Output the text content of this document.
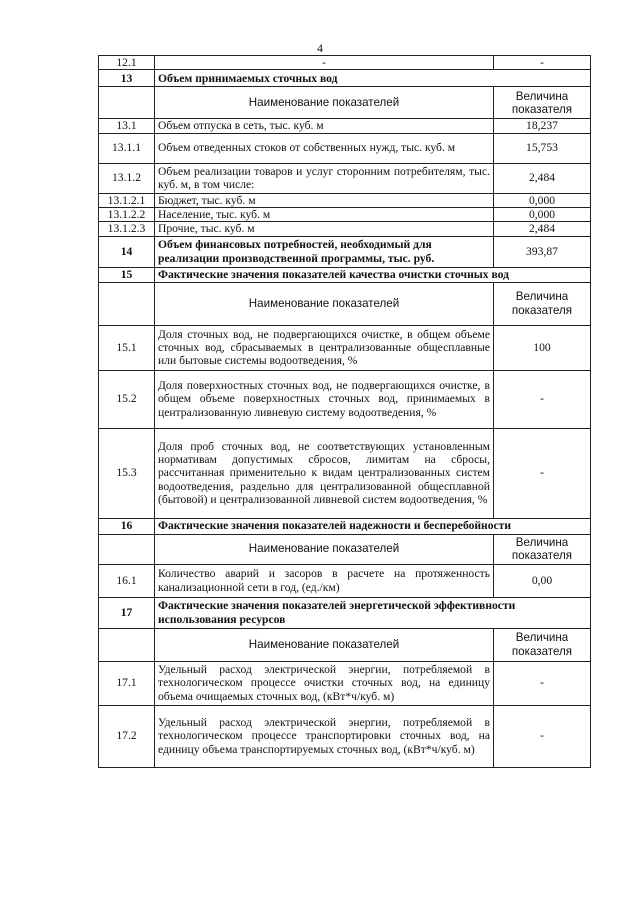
4
12.1	-	-
13	Объем принимаемых сточных вод	
	Наименование показателей	Величина
показателя
13.1	Объем отпуска в сеть, тыс. куб. м	18,237
13.1.1	Объем отведенных стоков от собственных нужд, тыс. куб. м	15,753
13.1.2	Объем реализации товаров и услуг сторонним потребителям, тыс. куб. м, в том числе:	2,484
13.1.2.1	Бюджет, тыс. куб. м	0,000
13.1.2.2	Население, тыс. куб. м	0,000
13.1.2.3	Прочие, тыс. куб. м	2,484
14	Объем финансовых потребностей, необходимый для реализации производственной программы, тыс. руб.	393,87
15	Фактические значения показателей качества очистки сточных вод	
	Наименование показателей	Величина
показателя
15.1	Доля сточных вод, не подвергающихся очистке, в общем объеме сточных вод, сбрасываемых в централизованные общесплавные или бытовые системы водоотведения, %	100
15.2	Доля поверхностных сточных вод, не подвергающихся очистке, в общем объеме поверхностных сточных вод, принимаемых в централизованную ливневую систему водоотведения, %	-
15.3	Доля проб сточных вод, не соответствующих установленным нормативам допустимых сбросов, лимитам на сбросы, рассчитанная применительно к видам централизованных систем водоотведения, раздельно для централизованной общесплавной (бытовой) и централизованной ливневой систем водоотведения, %	-
16	Фактические значения показателей надежности и бесперебойности	
	Наименование показателей	Величина
показателя
16.1	Количество аварий и засоров в расчете на протяженность канализационной сети в год, (ед./км)	0,00
17	Фактические значения показателей энергетической эффективности использования ресурсов	
	Наименование показателей	Величина
показателя
17.1	Удельный расход электрической энергии, потребляемой в технологическом процессе очистки сточных вод, на единицу объема очищаемых сточных вод, (кВт*ч/куб. м)	-
17.2	Удельный расход электрической энергии, потребляемой в технологическом процессе транспортировки сточных вод, на единицу объема транспортируемых сточных вод, (кВт*ч/куб. м)	-
